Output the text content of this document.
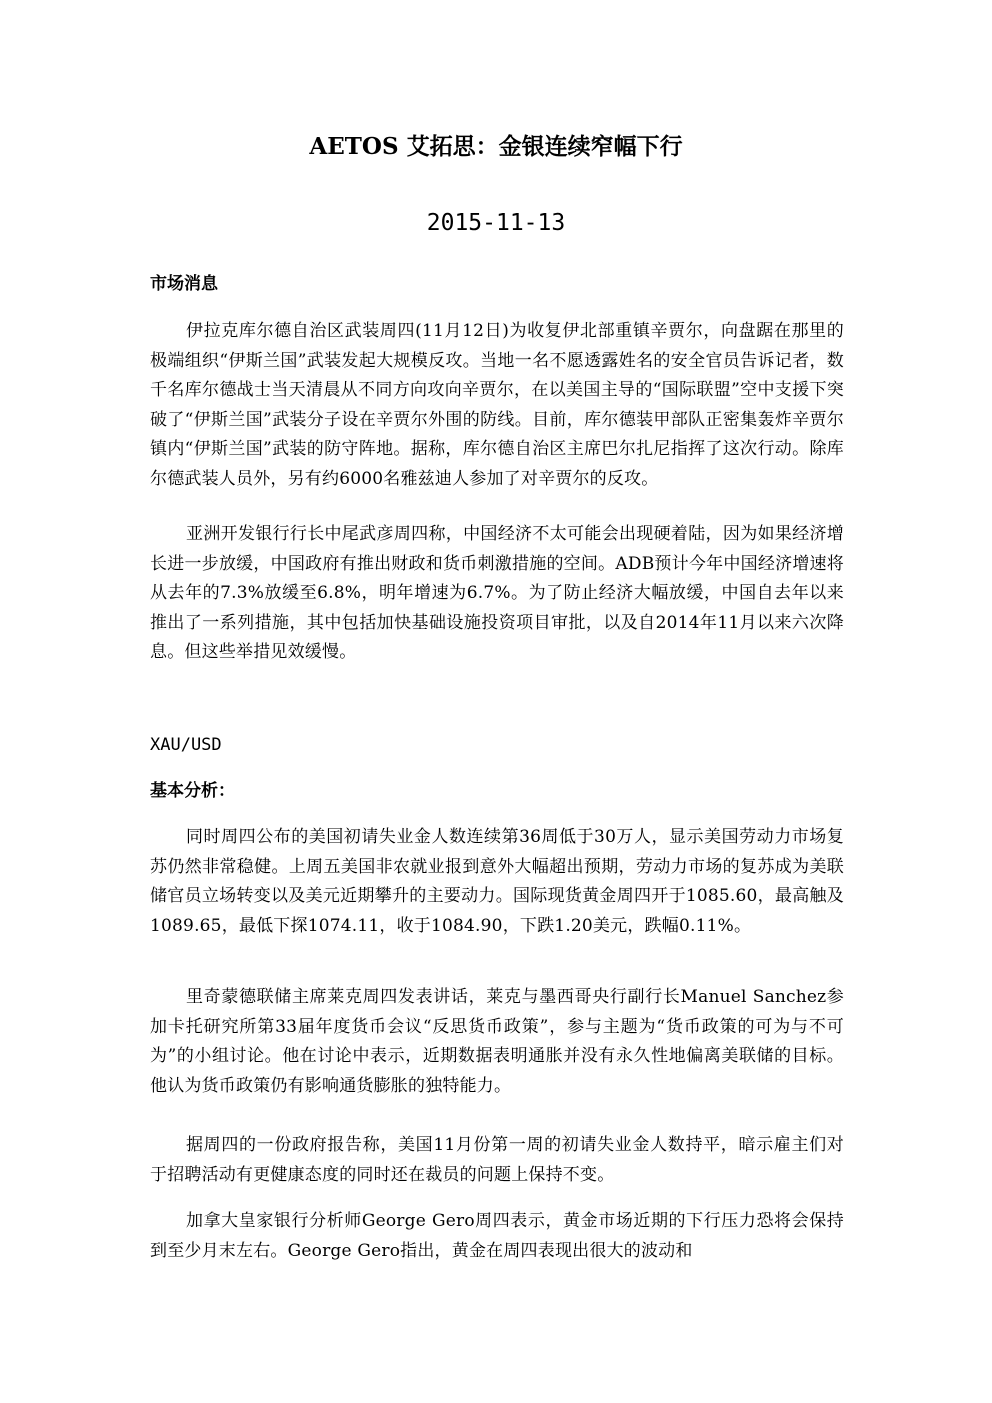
AETOS 艾拓思：金银连续窄幅下行
2015-11-13
市场消息

伊拉克库尔德自治区武装周四(11月12日)为收复伊北部重镇辛贾尔，向盘踞在那里的极端组织“伊斯兰国”武装发起大规模反攻。当地一名不愿透露姓名的安全官员告诉记者，数千名库尔德战士当天清晨从不同方向攻向辛贾尔，在以美国主导的“国际联盟”空中支援下突破了“伊斯兰国”武装分子设在辛贾尔外围的防线。目前，库尔德装甲部队正密集轰炸辛贾尔镇内“伊斯兰国”武装的防守阵地。据称，库尔德自治区主席巴尔扎尼指挥了这次行动。除库尔德武装人员外，另有约6000名雅兹迪人参加了对辛贾尔的反攻。

亚洲开发银行行长中尾武彦周四称，中国经济不太可能会出现硬着陆，因为如果经济增长进一步放缓，中国政府有推出财政和货币刺激措施的空间。ADB预计今年中国经济增速将从去年的7.3%放缓至6.8%，明年增速为6.7%。为了防止经济大幅放缓，中国自去年以来推出了一系列措施，其中包括加快基础设施投资项目审批，以及自2014年11月以来六次降息。但这些举措见效缓慢。

XAU/USD
基本分析：

同时周四公布的美国初请失业金人数连续第36周低于30万人，显示美国劳动力市场复苏仍然非常稳健。上周五美国非农就业报到意外大幅超出预期，劳动力市场的复苏成为美联储官员立场转变以及美元近期攀升的主要动力。国际现货黄金周四开于1085.60，最高触及1089.65，最低下探1074.11，收于1084.90，下跌1.20美元，跌幅0.11%。

里奇蒙德联储主席莱克周四发表讲话，莱克与墨西哥央行副行长Manuel Sanchez参加卡托研究所第33届年度货币会议“反思货币政策”，参与主题为“货币政策的可为与不可为”的小组讨论。他在讨论中表示，近期数据表明通胀并没有永久性地偏离美联储的目标。他认为货币政策仍有影响通货膨胀的独特能力。

据周四的一份政府报告称，美国11月份第一周的初请失业金人数持平，暗示雇主们对于招聘活动有更健康态度的同时还在裁员的问题上保持不变。

加拿大皇家银行分析师George Gero周四表示，黄金市场近期的下行压力恐将会保持到至少月末左右。George Gero指出，黄金在周四表现出很大的波动和
